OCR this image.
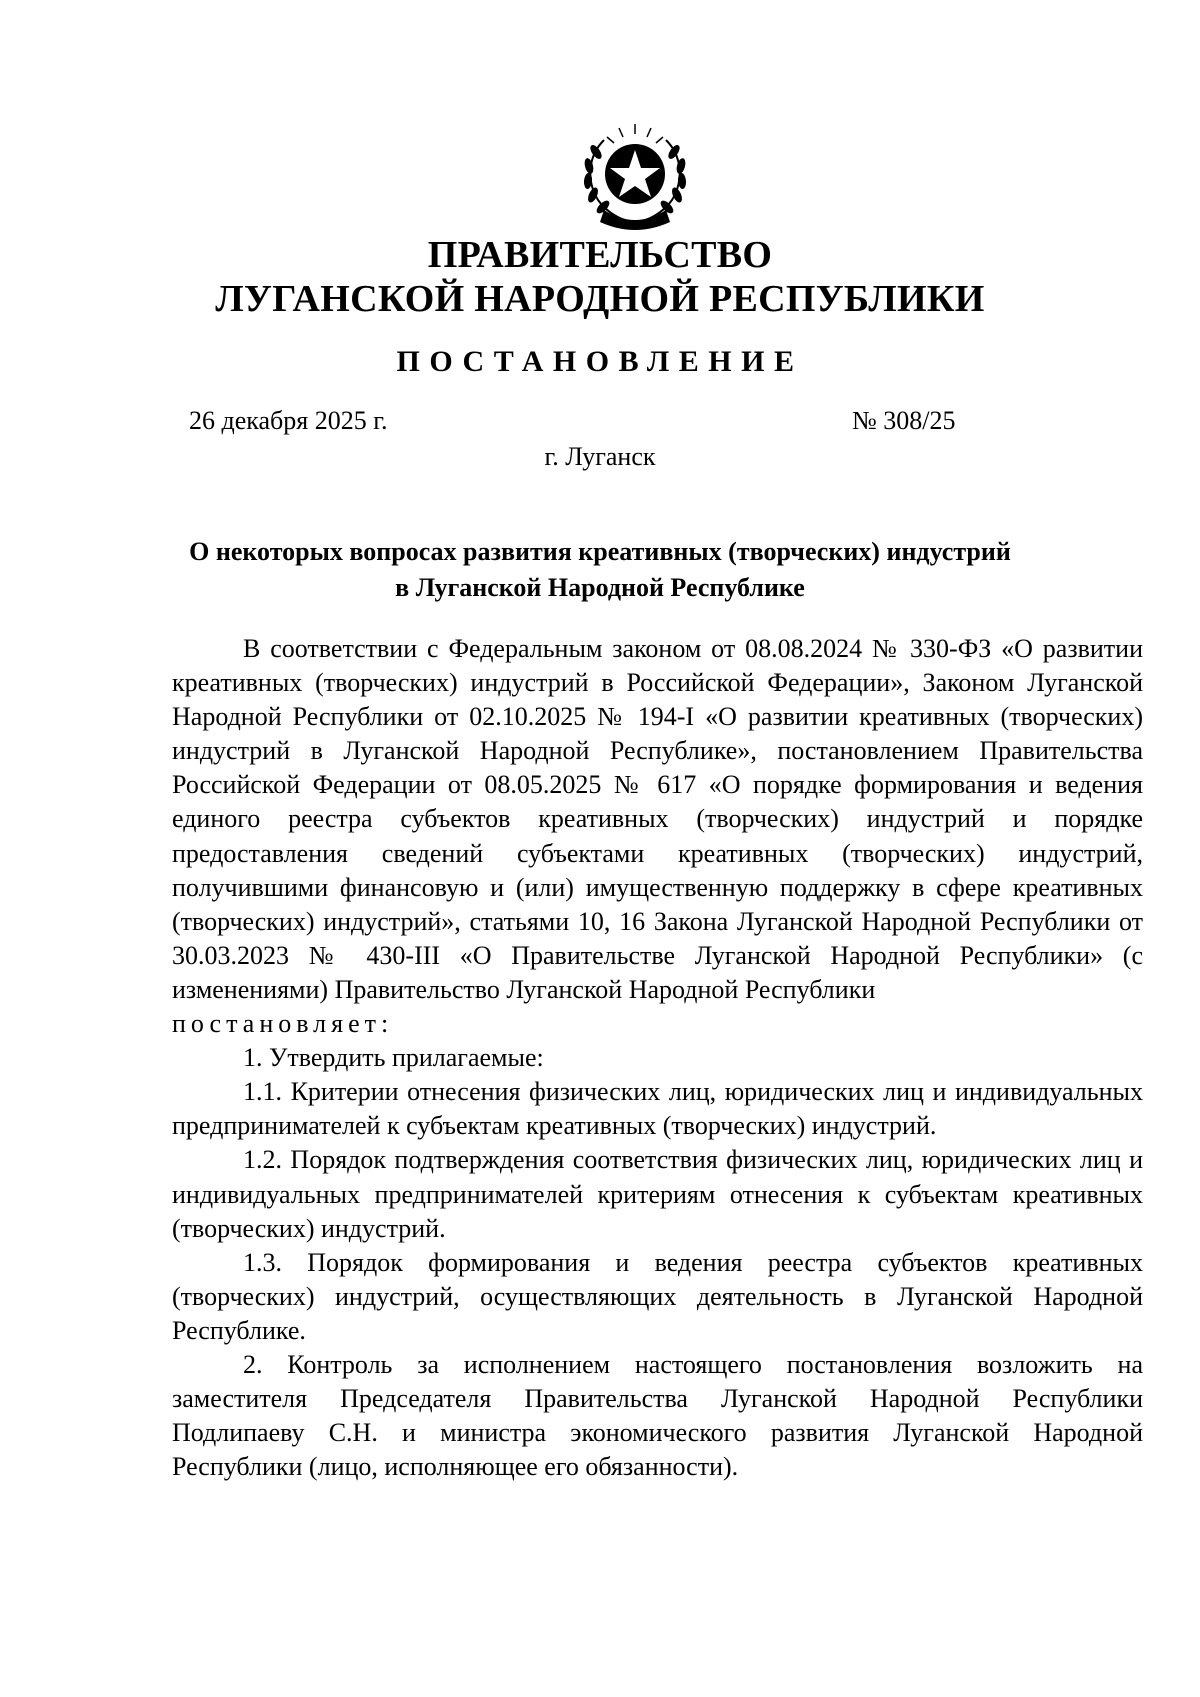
ПРАВИТЕЛЬСТВО
ЛУГАНСКОЙ НАРОДНОЙ РЕСПУБЛИКИ
ПОСТАНОВЛЕНИЕ
26 декабря 2025 г.	№ 308/25
г. Луганск
О некоторых вопросах развития креативных (творческих) индустрий
в Луганской Народной Республике

В соответствии с Федеральным законом от 08.08.2024 № 330-ФЗ «О развитии креативных (творческих) индустрий в Российской Федерации», Законом Луганской Народной Республики от 02.10.2025 № 194-I «О развитии креативных (творческих) индустрий в Луганской Народной Республике», постановлением Правительства Российской Федерации от 08.05.2025 № 617 «О порядке формирования и ведения единого реестра субъектов креативных (творческих) индустрий и порядке предоставления сведений субъектами креативных (творческих) индустрий, получившими финансовую и (или) имущественную поддержку в сфере креативных (творческих) индустрий», статьями 10, 16 Закона Луганской Народной Республики от 30.03.2023 № 430-III «О Правительстве Луганской Народной Республики» (с изменениями) Правительство Луганской Народной Республики

постановляет:

1. Утвердить прилагаемые:

1.1. Критерии отнесения физических лиц, юридических лиц и индивидуальных предпринимателей к субъектам креативных (творческих) индустрий.

1.2. Порядок подтверждения соответствия физических лиц, юридических лиц и индивидуальных предпринимателей критериям отнесения к субъектам креативных (творческих) индустрий.

1.3. Порядок формирования и ведения реестра субъектов креативных (творческих) индустрий, осуществляющих деятельность в Луганской Народной Республике.

2. Контроль за исполнением настоящего постановления возложить на заместителя Председателя Правительства Луганской Народной Республики Подлипаеву С.Н. и министра экономического развития Луганской Народной Республики (лицо, исполняющее его обязанности).
